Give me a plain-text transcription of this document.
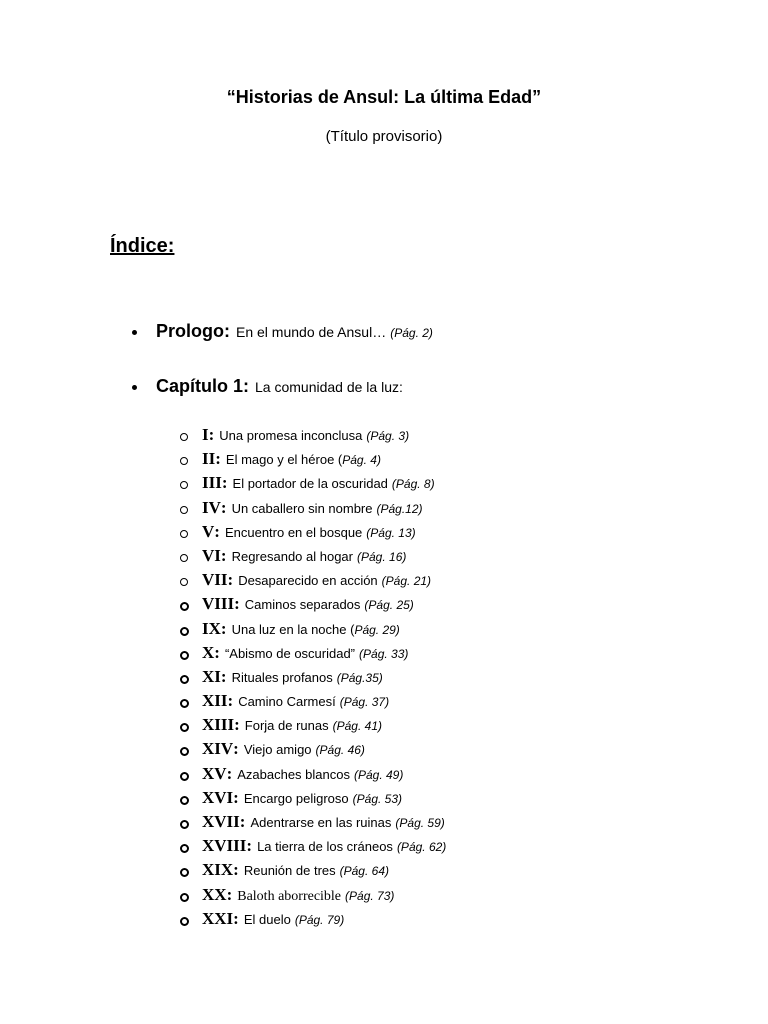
“Historias de Ansul: La última Edad”
(Título provisorio)
Índice:
Prologo: En el mundo de Ansul… (Pág. 2)
Capítulo 1: La comunidad de la luz:
I : Una promesa inconclusa (Pág. 3)
II : El mago y el héroe ( Pág. 4)
III : El portador de la oscuridad (Pág. 8)
IV : Un caballero sin nombre (Pág.12)
V : Encuentro en el bosque (Pág. 13)
VI : Regresando al hogar (Pág. 16)
VII : Desaparecido en acción (Pág. 21)
VIII : Caminos separados (Pág. 25)
IX : Una luz en la noche ( Pág. 29)
X : “Abismo de oscuridad” (Pág. 33)
XI : Rituales profanos (Pág.35)
XII : Camino Carmesí (Pág. 37)
XIII : Forja de runas (Pág. 41)
XIV : Viejo amigo (Pág. 46)
XV : Azabaches blancos (Pág. 49)
XVI : Encargo peligroso (Pág. 53)
XVII : Adentrarse en las ruinas (Pág. 59)
XVIII : La tierra de los cráneos (Pág. 62)
XIX : Reunión de tres (Pág. 64)
XX : Baloth aborrecible (Pág. 73)
XXI : El duelo (Pág. 79)
